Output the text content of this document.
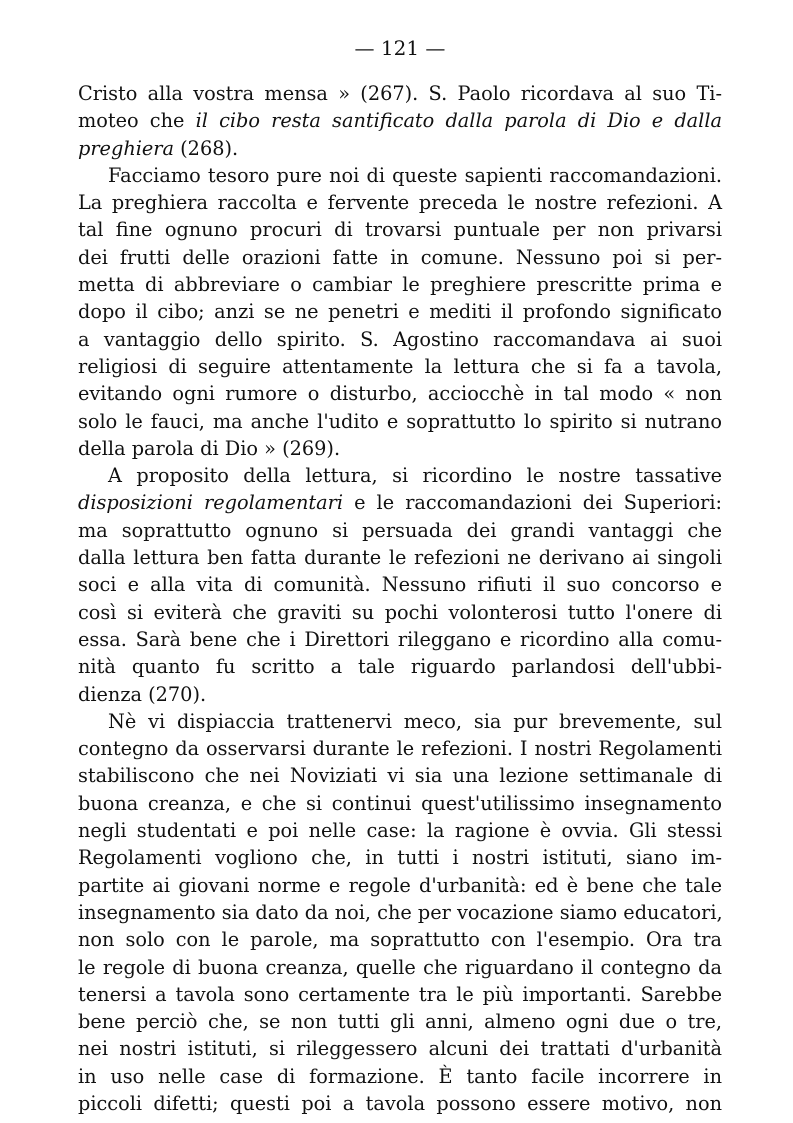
— 121 —

Cristo alla vostra mensa » (267). S. Paolo ricordava al suo Ti-
moteo che il cibo resta santificato dalla parola di Dio e dalla
preghiera (268).

Facciamo tesoro pure noi di queste sapienti raccomandazioni.
La preghiera raccolta e fervente preceda le nostre refezioni. A
tal fine ognuno procuri di trovarsi puntuale per non privarsi
dei frutti delle orazioni fatte in comune. Nessuno poi si per-
metta di abbreviare o cambiar le preghiere prescritte prima e
dopo il cibo; anzi se ne penetri e mediti il profondo significato
a vantaggio dello spirito. S. Agostino raccomandava ai suoi
religiosi di seguire attentamente la lettura che si fa a tavola,
evitando ogni rumore o disturbo, acciocchè in tal modo « non
solo le fauci, ma anche l'udito e soprattutto lo spirito si nutrano
della parola di Dio » (269).

A proposito della lettura, si ricordino le nostre tassative
disposizioni regolamentari e le raccomandazioni dei Superiori:
ma soprattutto ognuno si persuada dei grandi vantaggi che
dalla lettura ben fatta durante le refezioni ne derivano ai singoli
soci e alla vita di comunità. Nessuno rifiuti il suo concorso e
così si eviterà che graviti su pochi volonterosi tutto l'onere di
essa. Sarà bene che i Direttori rileggano e ricordino alla comu-
nità quanto fu scritto a tale riguardo parlandosi dell'ubbi-
dienza (270).

Nè vi dispiaccia trattenervi meco, sia pur brevemente, sul
contegno da osservarsi durante le refezioni. I nostri Regolamenti
stabiliscono che nei Noviziati vi sia una lezione settimanale di
buona creanza, e che si continui quest'utilissimo insegnamento
negli studentati e poi nelle case: la ragione è ovvia. Gli stessi
Regolamenti vogliono che, in tutti i nostri istituti, siano im-
partite ai giovani norme e regole d'urbanità: ed è bene che tale
insegnamento sia dato da noi, che per vocazione siamo educatori,
non solo con le parole, ma soprattutto con l'esempio. Ora tra
le regole di buona creanza, quelle che riguardano il contegno da
tenersi a tavola sono certamente tra le più importanti. Sarebbe
bene perciò che, se non tutti gli anni, almeno ogni due o tre,
nei nostri istituti, si rileggessero alcuni dei trattati d'urbanità
in uso nelle case di formazione. È tanto facile incorrere in
piccoli difetti; questi poi a tavola possono essere motivo, non
